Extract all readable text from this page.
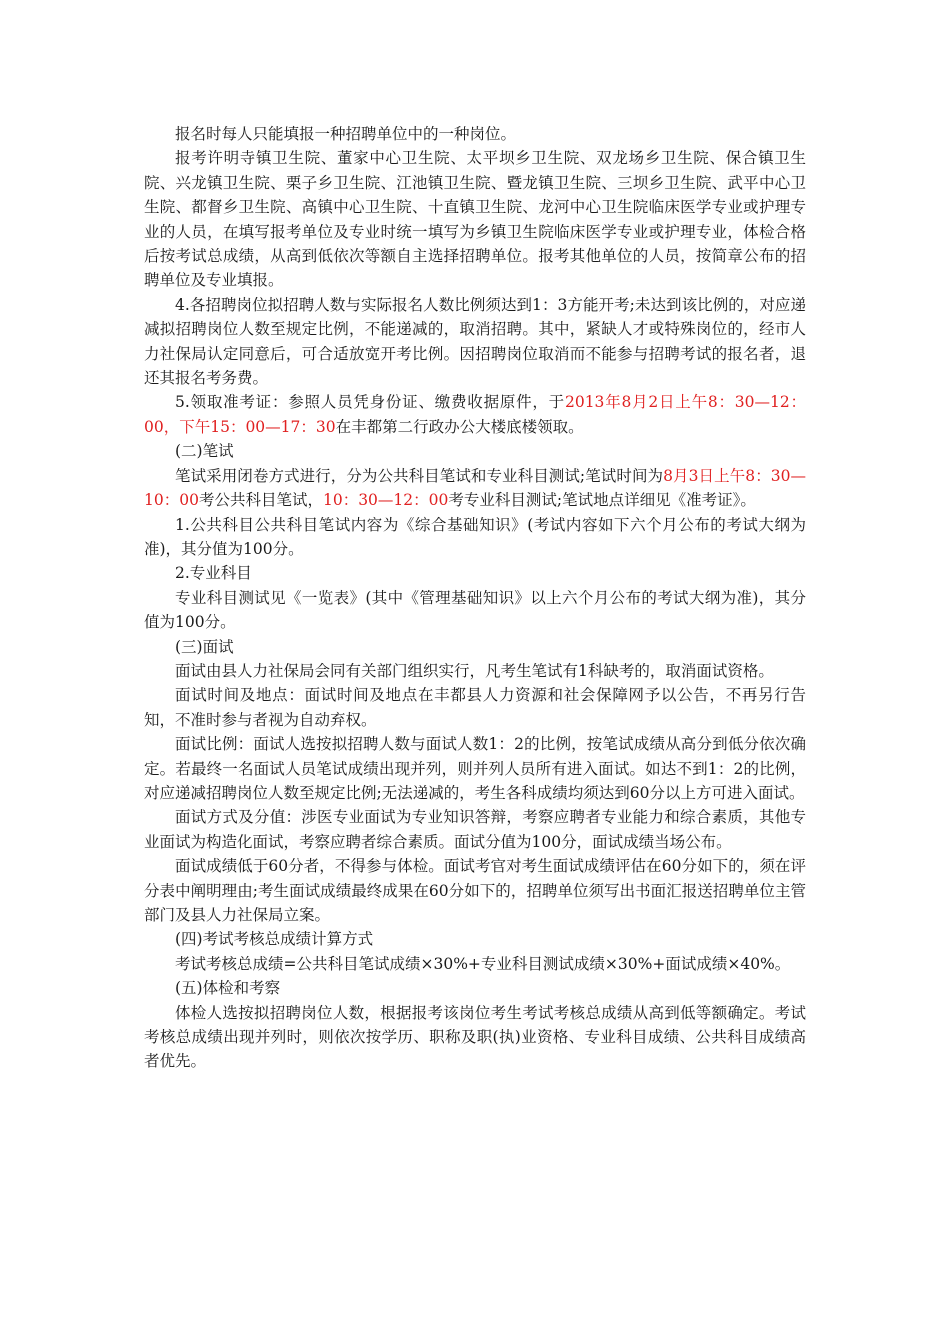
报名时每人只能填报一种招聘单位中的一种岗位。

报考许明寺镇卫生院、董家中心卫生院、太平坝乡卫生院、双龙场乡卫生院、保合镇卫生院、兴龙镇卫生院、栗子乡卫生院、江池镇卫生院、暨龙镇卫生院、三坝乡卫生院、武平中心卫生院、都督乡卫生院、高镇中心卫生院、十直镇卫生院、龙河中心卫生院临床医学专业或护理专业的人员，在填写报考单位及专业时统一填写为乡镇卫生院临床医学专业或护理专业，体检合格后按考试总成绩，从高到低依次等额自主选择招聘单位。报考其他单位的人员，按简章公布的招聘单位及专业填报。

4.各招聘岗位拟招聘人数与实际报名人数比例须达到1：3方能开考;未达到该比例的，对应递减拟招聘岗位人数至规定比例，不能递减的，取消招聘。其中，紧缺人才或特殊岗位的，经市人力社保局认定同意后，可合适放宽开考比例。因招聘岗位取消而不能参与招聘考试的报名者，退还其报名考务费。

5.领取准考证：参照人员凭身份证、缴费收据原件，于2013年8月2日上午8：30—12：00，下午15：00—17：30在丰都第二行政办公大楼底楼领取。

(二)笔试

笔试采用闭卷方式进行，分为公共科目笔试和专业科目测试;笔试时间为8月3日上午8：30—10：00考公共科目笔试，10：30—12：00考专业科目测试;笔试地点详细见《准考证》。

1.公共科目公共科目笔试内容为《综合基础知识》(考试内容如下六个月公布的考试大纲为准)，其分值为100分。

2.专业科目

专业科目测试见《一览表》(其中《管理基础知识》以上六个月公布的考试大纲为准)，其分值为100分。

(三)面试

面试由县人力社保局会同有关部门组织实行，凡考生笔试有1科缺考的，取消面试资格。

面试时间及地点：面试时间及地点在丰都县人力资源和社会保障网予以公告，不再另行告知，不准时参与者视为自动弃权。

面试比例：面试人选按拟招聘人数与面试人数1：2的比例，按笔试成绩从高分到低分依次确定。若最终一名面试人员笔试成绩出现并列，则并列人员所有进入面试。如达不到1：2的比例，对应递减招聘岗位人数至规定比例;无法递减的，考生各科成绩均须达到60分以上方可进入面试。

面试方式及分值：涉医专业面试为专业知识答辩，考察应聘者专业能力和综合素质，其他专业面试为构造化面试，考察应聘者综合素质。面试分值为100分，面试成绩当场公布。

面试成绩低于60分者，不得参与体检。面试考官对考生面试成绩评估在60分如下的，须在评分表中阐明理由;考生面试成绩最终成果在60分如下的，招聘单位须写出书面汇报送招聘单位主管部门及县人力社保局立案。

(四)考试考核总成绩计算方式

考试考核总成绩=公共科目笔试成绩×30%+专业科目测试成绩×30%+面试成绩×40%。

(五)体检和考察

体检人选按拟招聘岗位人数，根据报考该岗位考生考试考核总成绩从高到低等额确定。考试考核总成绩出现并列时，则依次按学历、职称及职(执)业资格、专业科目成绩、公共科目成绩高者优先。
